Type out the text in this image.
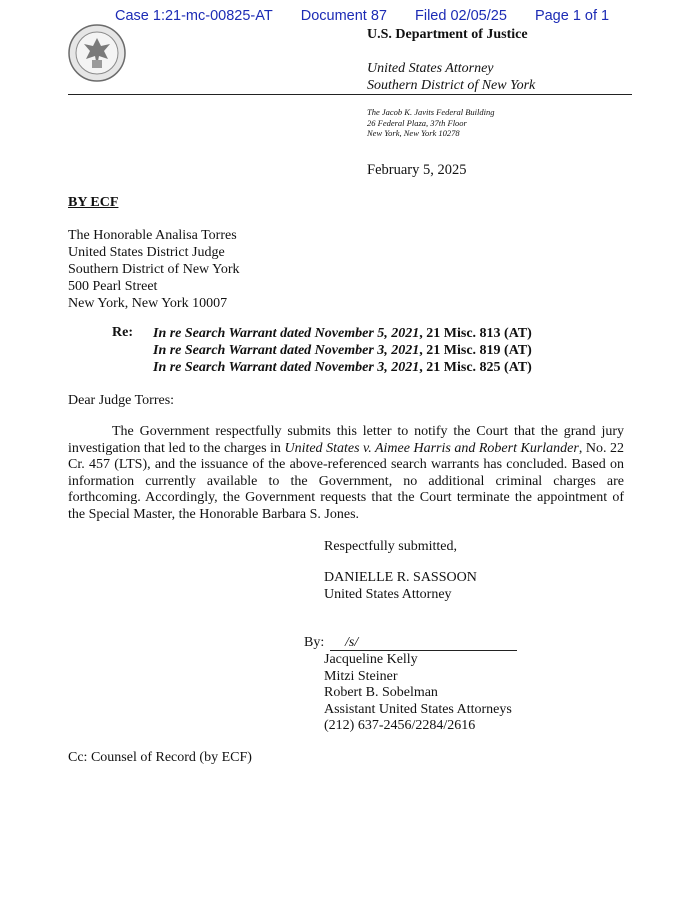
Case 1:21-mc-00825-AT Document 87 Filed 02/05/25 Page 1 of 1
U.S. Department of Justice
United States Attorney
Southern District of New York
The Jacob K. Javits Federal Building
26 Federal Plaza, 37th Floor
New York, New York 10278
February 5, 2025
BY ECF
The Honorable Analisa Torres
United States District Judge
Southern District of New York
500 Pearl Street
New York, New York 10007
Re: In re Search Warrant dated November 5, 2021, 21 Misc. 813 (AT)
In re Search Warrant dated November 3, 2021, 21 Misc. 819 (AT)
In re Search Warrant dated November 3, 2021, 21 Misc. 825 (AT)
Dear Judge Torres:
The Government respectfully submits this letter to notify the Court that the grand jury investigation that led to the charges in United States v. Aimee Harris and Robert Kurlander, No. 22 Cr. 457 (LTS), and the issuance of the above-referenced search warrants has concluded. Based on information currently available to the Government, no additional criminal charges are forthcoming. Accordingly, the Government requests that the Court terminate the appointment of the Special Master, the Honorable Barbara S. Jones.
Respectfully submitted,
DANIELLE R. SASSOON
United States Attorney
By: /s/
Jacqueline Kelly
Mitzi Steiner
Robert B. Sobelman
Assistant United States Attorneys
(212) 637-2456/2284/2616
Cc: Counsel of Record (by ECF)
